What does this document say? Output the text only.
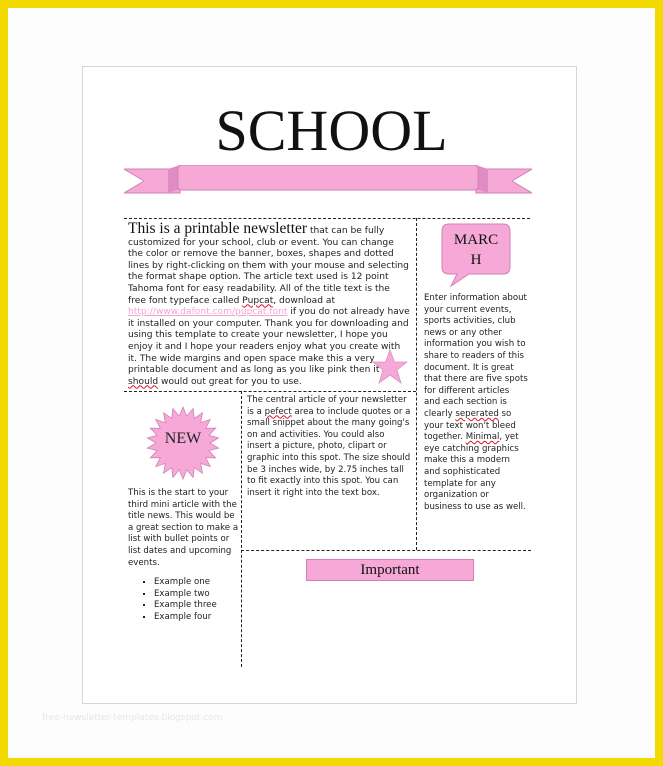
SCHOOL
This is a printable newsletter that can be fully customized for your school, club or event. You can change the color or remove the banner, boxes, shapes and dotted lines by right-clicking on them with your mouse and selecting the format shape option. The article text used is 12 point Tahoma font for easy readability. All of the title text is the free font typeface called Pupcat, download at http://www.dafont.com/pupcat.font if you do not already have it installed on your computer. Thank you for downloading and using this template to create your newsletter, I hope you enjoy it and I hope your readers enjoy what you create with it. The wide margins and open space make this a very printable document and as long as you like pink then it should would out great for you to use.
MARC
H
Enter information about your current events, sports activities, club news or any other information you wish to share to readers of this document. It is great that there are five spots for different articles and each section is clearly seperated so your text won't bleed together. Minimal, yet eye catching graphics make this a modern and sophisticated template for any organization or business to use as well.
NEW
This is the start to your third mini article with the title news. This would be a great section to make a list with bullet points or list dates and upcoming events.
▪ Example one
▪ Example two
▪ Example three
▪ Example four
The central article of your newsletter is a pefect area to include quotes or a small snippet about the many going's on and activities. You could also insert a picture, photo, clipart or graphic into this spot. The size should be 3 inches wide, by 2.75 inches tall to fit exactly into this spot. You can insert it right into the text box.
Important
free-newsletter-templates.blogspot.com
